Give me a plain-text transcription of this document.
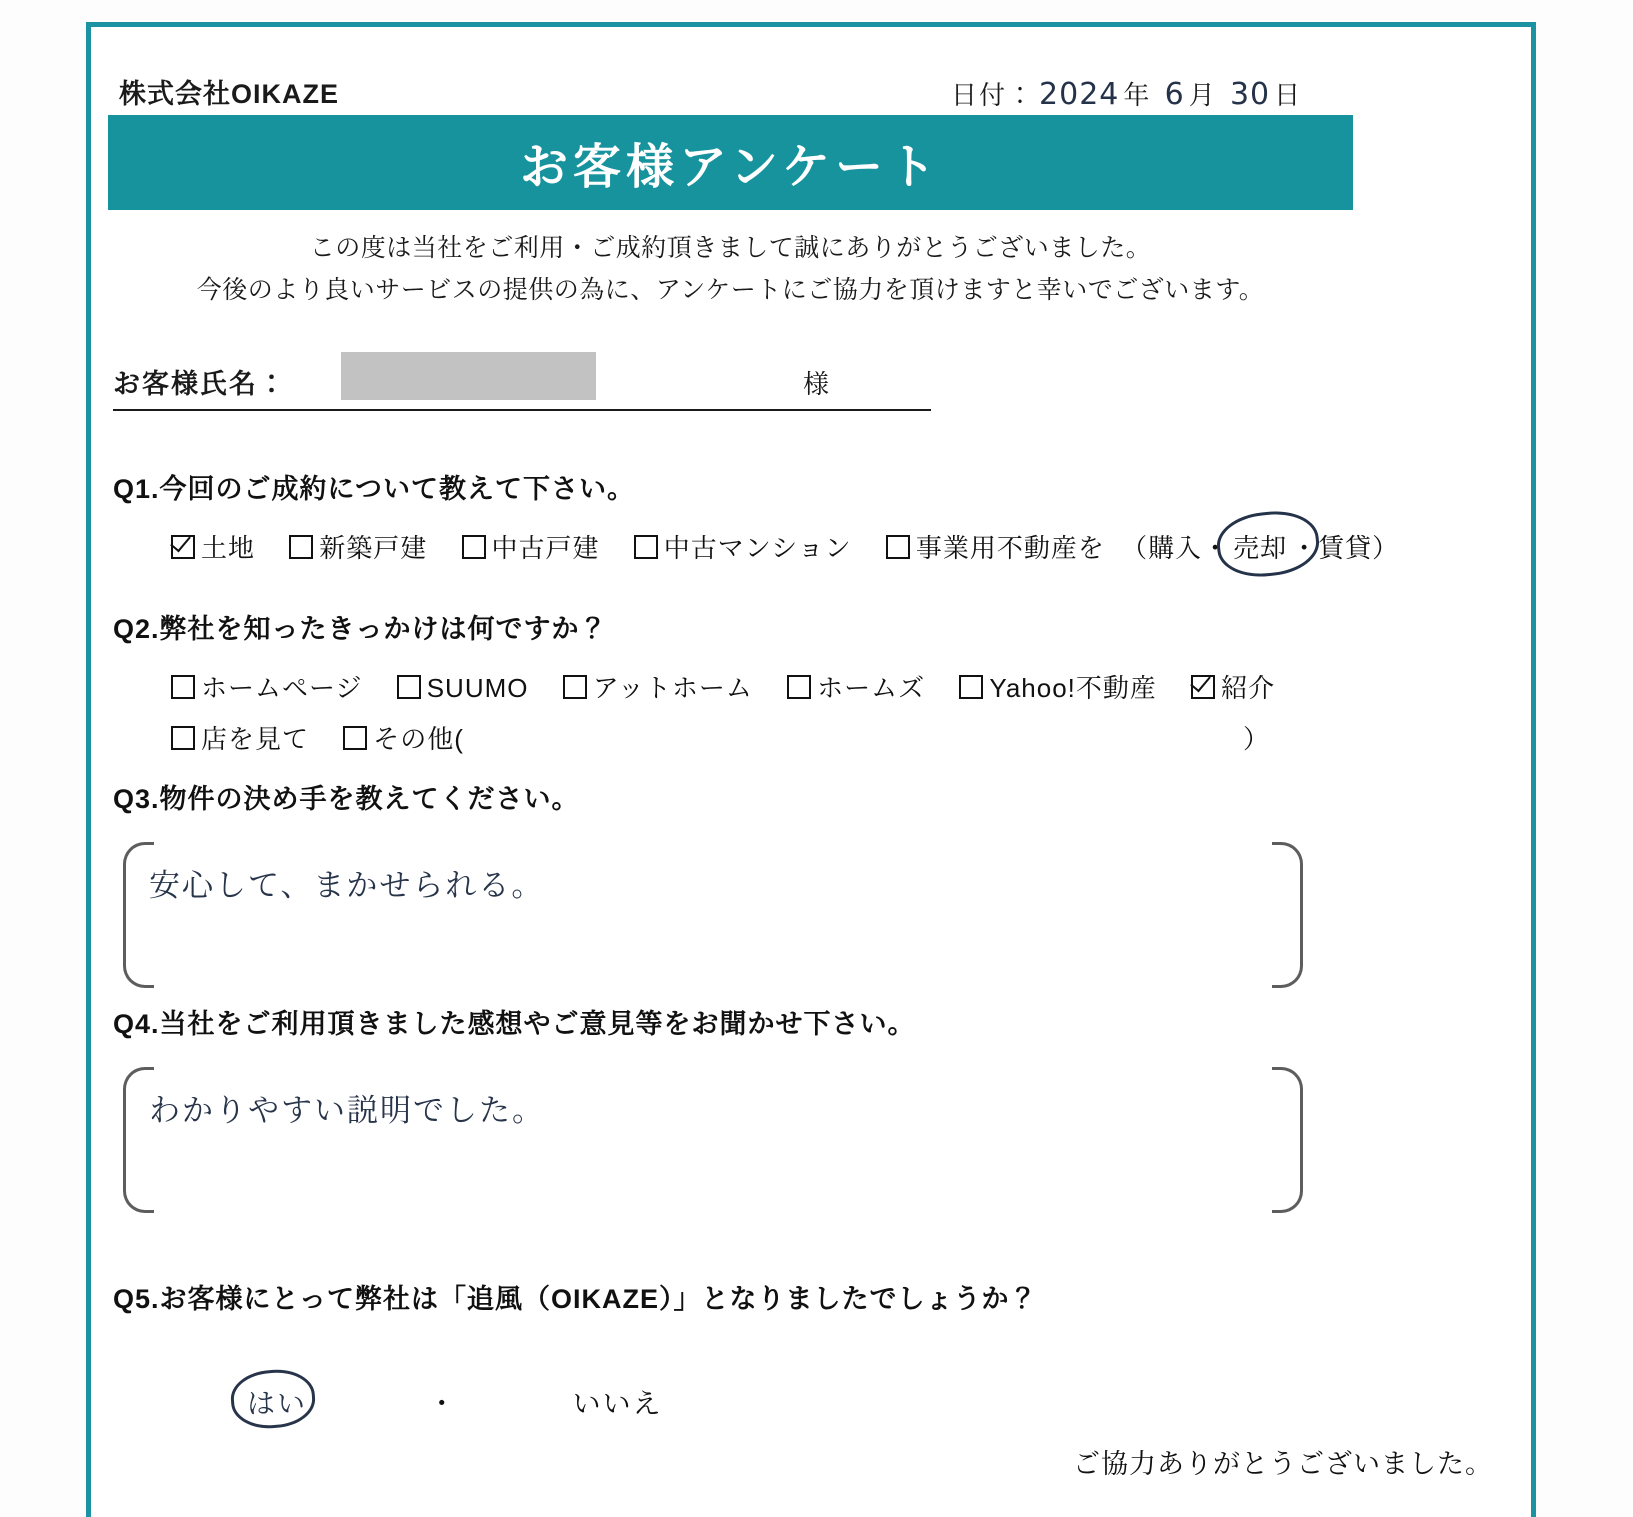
株式会社OIKAZE	日付： 2024 年 6 月 30 日
お客様アンケート
この度は当社をご利用・ご成約頂きまして誠にありがとうございました。
今後のより良いサービスの提供の為に、アンケートにご協力を頂けますと幸いでございます。
お客様氏名：	様
Q1.今回のご成約について教えて下さい。
土地 新築戸建 中古戸建 中古マンション 事業用不動産を （購入・ 売却 ・賃貸）
Q2.弊社を知ったきっかけは何ですか？
ホームページ SUUMO アットホーム ホームズ Yahoo!不動産 紹介
店を見て その他(	）
Q3.物件の決め手を教えてください。
安心して、まかせられる。
Q4.当社をご利用頂きました感想やご意見等をお聞かせ下さい。
わかりやすい説明でした。
Q5.お客様にとって弊社は「追風（OIKAZE）」となりましたでしょうか？
はい	・	いいえ
ご協力ありがとうございました。
